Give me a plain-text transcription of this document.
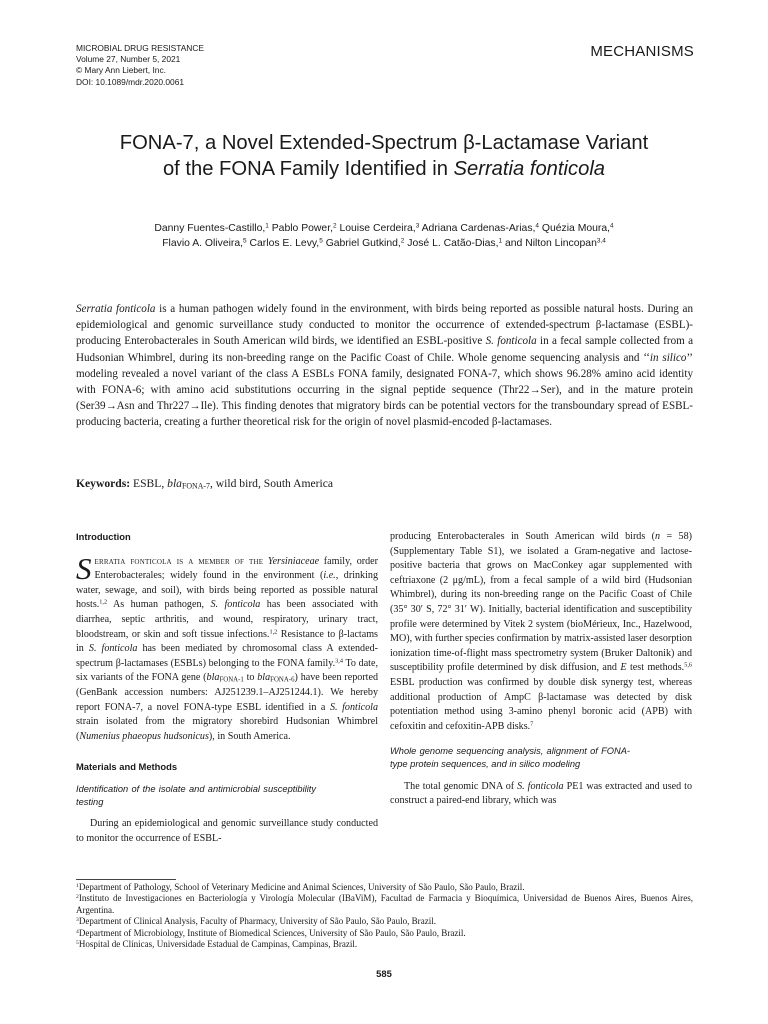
MICROBIAL DRUG RESISTANCE
Volume 27, Number 5, 2021
© Mary Ann Liebert, Inc.
DOI: 10.1089/mdr.2020.0061
MECHANISMS
FONA-7, a Novel Extended-Spectrum β-Lactamase Variant
of the FONA Family Identified in Serratia fonticola
Danny Fuentes-Castillo,$^1$ Pablo Power,$^2$ Louise Cerdeira,$^3$ Adriana Cardenas-Arias,$^4$ Quézia Moura,$^4$
Flavio A. Oliveira,$^5$ Carlos E. Levy,$^5$ Gabriel Gutkind,$^2$ José L. Catão-Dias,$^1$ and Nilton Lincopan$^{3,4}$
Serratia fonticola is a human pathogen widely found in the environment, with birds being reported as possible natural hosts. During an epidemiological and genomic surveillance study conducted to monitor the occurrence of extended-spectrum β-lactamase (ESBL)-producing Enterobacterales in South American wild birds, we identified an ESBL-positive S. fonticola in a fecal sample collected from a Hudsonian Whimbrel, during its non-breeding range on the Pacific Coast of Chile. Whole genome sequencing analysis and ‘‘in silico’’ modeling revealed a novel variant of the class A ESBLs FONA family, designated FONA-7, which shows 96.28% amino acid identity with FONA-6; with amino acid substitutions occurring in the signal peptide sequence (Thr22→Ser), and in the mature protein (Ser39→Asn and Thr227→Ile). This finding denotes that migratory birds can be potential vectors for the transboundary spread of ESBL-producing bacteria, creating a further theoretical risk for the origin of novel plasmid-encoded β-lactamases.
Keywords: ESBL, bla$_{FONA-7}$, wild bird, South America
Introduction

Serratia fonticola is a member of the Yersiniaceae family, order Enterobacterales; widely found in the environment (i.e., drinking water, sewage, and soil), with birds being reported as possible natural hosts.$^{1,2}$ As human pathogen, S. fonticola has been associated with diarrhea, septic arthritis, and wound, respiratory, urinary tract, bloodstream, or skin and soft tissue infections.$^{1,2}$ Resistance to β-lactams in S. fonticola has been mediated by chromosomal class A extended-spectrum β-lactamases (ESBLs) belonging to the FONA family.$^{3,4}$ To date, six variants of the FONA gene (bla$_{FONA-1}$ to bla$_{FONA-6}$) have been reported (GenBank accession numbers: AJ251239.1–AJ251244.1). We hereby report FONA-7, a novel FONA-type ESBL identified in a S. fonticola strain isolated from the migratory shorebird Hudsonian Whimbrel (Numenius phaeopus hudsonicus), in South America.

Materials and Methods
Identification of the isolate and antimicrobial susceptibility testing

During an epidemiological and genomic surveillance study conducted to monitor the occurrence of ESBL-

producing Enterobacterales in South American wild birds (n = 58) (Supplementary Table S1), we isolated a Gram-negative and lactose-positive bacteria that grows on MacConkey agar supplemented with ceftriaxone (2 μg/mL), from a fecal sample of a wild bird (Hudsonian Whimbrel), during its non-breeding range on the Pacific Coast of Chile (35° 30′ S, 72° 31′ W). Initially, bacterial identification and susceptibility profile were determined by Vitek 2 system (bioMérieux, Inc., Hazelwood, MO), with further species confirmation by matrix-assisted laser desorption ionization time-of-flight mass spectrometry system (Bruker Daltonik) and susceptibility profile determined by disk diffusion, and E test methods.$^{5,6}$ ESBL production was confirmed by double disk synergy test, whereas additional production of AmpC β-lactamase was detected by disk potentiation method using 3-amino phenyl boronic acid (APB) with cefoxitin and cefoxitin-APB disks.$^7$

Whole genome sequencing analysis, alignment of FONA-type protein sequences, and in silico modeling

The total genomic DNA of S. fonticola PE1 was extracted and used to construct a paired-end library, which was

$^1$Department of Pathology, School of Veterinary Medicine and Animal Sciences, University of São Paulo, São Paulo, Brazil.
$^2$Instituto de Investigaciones en Bacteriología y Virología Molecular (IBaViM), Facultad de Farmacia y Bioquímica, Universidad de Buenos Aires, Buenos Aires, Argentina.
$^3$Department of Clinical Analysis, Faculty of Pharmacy, University of São Paulo, São Paulo, Brazil.
$^4$Department of Microbiology, Institute of Biomedical Sciences, University of São Paulo, São Paulo, Brazil.
$^5$Hospital de Clínicas, Universidade Estadual de Campinas, Campinas, Brazil.
585
